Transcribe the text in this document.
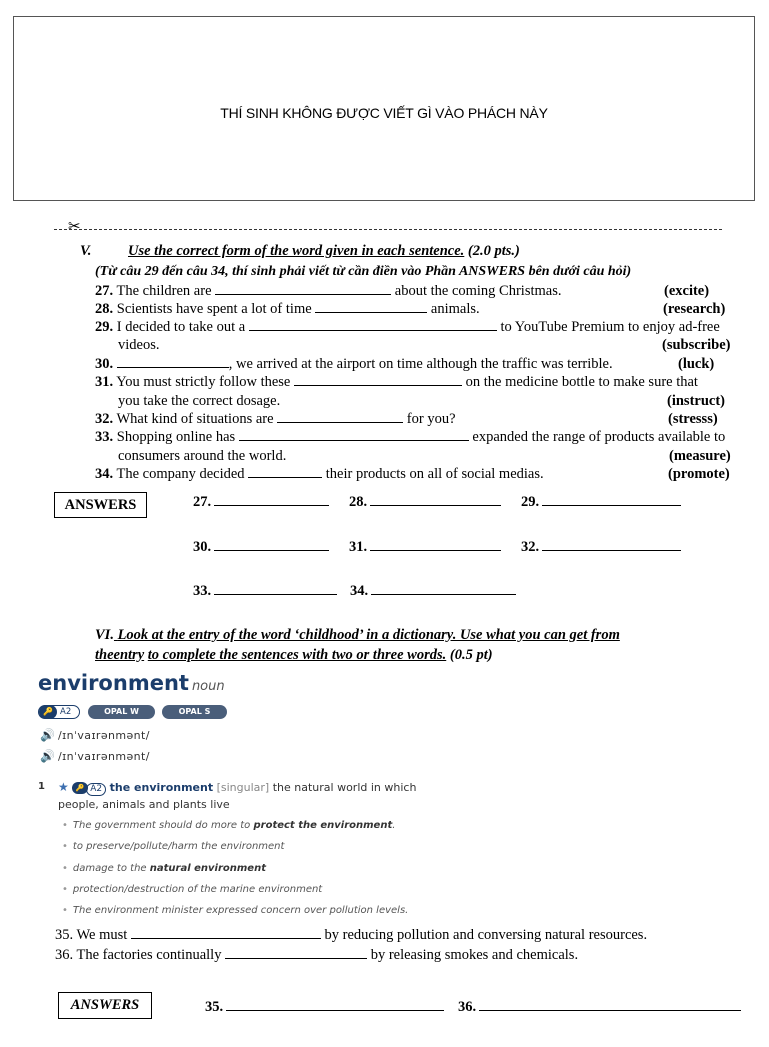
THÍ SINH KHÔNG ĐƯỢC VIẾT GÌ VÀO PHÁCH NÀY
✂
V.	Use the correct form of the word given in each sentence. (2.0 pts.)
(Từ câu 29 đến câu 34, thí sinh phải viết từ cần điền vào Phần ANSWERS bên dưới câu hỏi)
27. The children are	about the coming Christmas.	(excite)
28. Scientists have spent a lot of time	animals.	(research)
29. I decided to take out a	to YouTube Premium to enjoy ad-free
videos.	(subscribe)
30.	, we arrived at the airport on time although the traffic was terrible.	(luck)
31. You must strictly follow these	on the medicine bottle to make sure that
you take the correct dosage.	(instruct)
32. What kind of situations are	for you?	(stresss)
33. Shopping online has	expanded the range of products available to
consumers around the world.	(measure)
34. The company decided	their products on all of social medias.	(promote)
ANSWERS	27.	28.	29.
30.	31.	32.
33.	34.
VI. Look at the entry of the word ‘childhood’ in a dictionary. Use what you can get from
theentry to complete the sentences with two or three words. (0.5 pt)
environment noun
🔑 A2	OPAL W	OPAL S
🔊 /ɪnˈvaɪrənmənt/
🔊 /ɪnˈvaɪrənmənt/
1 ★ 🔑 A2 the environment [singular] the natural world in which people, animals and plants live
• The government should do more to protect the environment.
• to preserve/pollute/harm the environment
• damage to the natural environment
• protection/destruction of the marine environment
• The environment minister expressed concern over pollution levels.
35. We must	by reducing pollution and conversing natural resources.
36. The factories continually	by releasing smokes and chemicals.
ANSWERS	35.	36.
